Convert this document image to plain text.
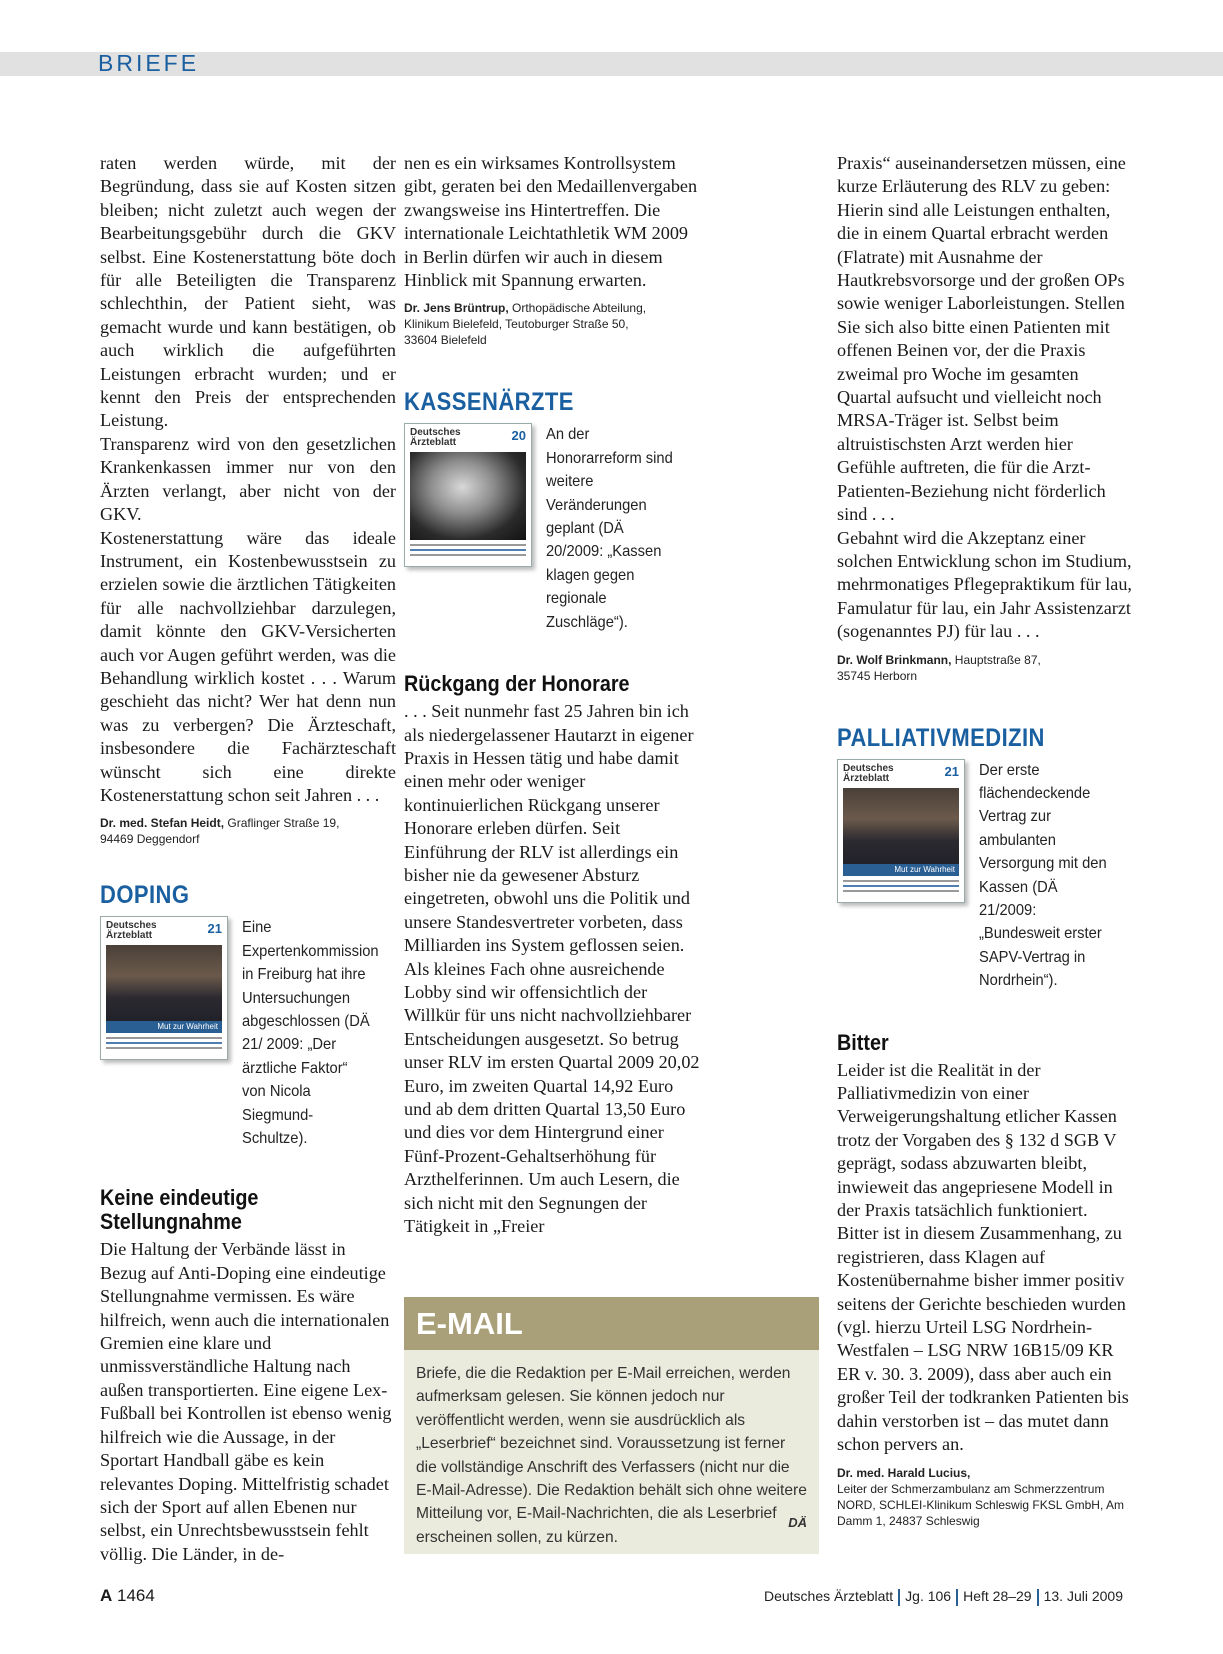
BRIEFE
raten werden würde, mit der Begründung, dass sie auf Kosten sitzen bleiben; nicht zuletzt auch wegen der Bearbeitungsgebühr durch die GKV selbst. Eine Kostenerstattung böte doch für alle Beteiligten die Transparenz schlechthin, der Patient sieht, was gemacht wurde und kann bestätigen, ob auch wirklich die aufgeführten Leistungen erbracht wurden; und er kennt den Preis der entsprechenden Leistung.
Transparenz wird von den gesetzlichen Krankenkassen immer nur von den Ärzten verlangt, aber nicht von der GKV.
Kostenerstattung wäre das ideale Instrument, ein Kostenbewusstsein zu erzielen sowie die ärztlichen Tätigkeiten für alle nachvollziehbar darzulegen, damit könnte den GKV-Versicherten auch vor Augen geführt werden, was die Behandlung wirklich kostet . . . Warum geschieht das nicht? Wer hat denn nun was zu verbergen? Die Ärzteschaft, insbesondere die Fachärzteschaft wünscht sich eine direkte Kostenerstattung schon seit Jahren . . .
Dr. med. Stefan Heidt, Graflinger Straße 19,
94469 Deggendorf
DOPING
Deutsches
Ärzteblatt	21
Mut zur Wahrheit
Eine Expertenkommission in Freiburg hat ihre Untersuchungen abgeschlossen (DÄ 21/ 2009: „Der ärztliche Faktor“ von Nicola Siegmund-Schultze).
Keine eindeutige
Stellungnahme
Die Haltung der Verbände lässt in Bezug auf Anti-Doping eine eindeutige Stellungnahme vermissen. Es wäre hilfreich, wenn auch die internationalen Gremien eine klare und unmissverständliche Haltung nach außen transportierten. Eine eigene Lex-Fußball bei Kontrollen ist ebenso wenig hilfreich wie die Aussage, in der Sportart Handball gäbe es kein relevantes Doping. Mittelfristig schadet sich der Sport auf allen Ebenen nur selbst, ein Unrechtsbewusstsein fehlt völlig. Die Länder, in de-
nen es ein wirksames Kontrollsystem gibt, geraten bei den Medaillenvergaben zwangsweise ins Hintertreffen. Die internationale Leichtathletik WM 2009 in Berlin dürfen wir auch in diesem Hinblick mit Spannung erwarten.
Dr. Jens Brüntrup, Orthopädische Abteilung,
Klinikum Bielefeld, Teutoburger Straße 50,
33604 Bielefeld
KASSENÄRZTE
Deutsches
Ärzteblatt	20 An der Honorarreform sind weitere Veränderungen geplant (DÄ 20/2009: „Kassen klagen gegen regionale Zuschläge“).
Rückgang der Honorare
. . . Seit nunmehr fast 25 Jahren bin ich als niedergelassener Hautarzt in eigener Praxis in Hessen tätig und habe damit einen mehr oder weniger kontinuierlichen Rückgang unserer Honorare erleben dürfen. Seit Einführung der RLV ist allerdings ein bisher nie da gewesener Absturz eingetreten, obwohl uns die Politik und unsere Standesvertreter vorbeten, dass Milliarden ins System geflossen seien.
Als kleines Fach ohne ausreichende Lobby sind wir offensichtlich der Willkür für uns nicht nachvollziehbarer Entscheidungen ausgesetzt. So betrug unser RLV im ersten Quartal 2009 20,02 Euro, im zweiten Quartal 14,92 Euro und ab dem dritten Quartal 13,50 Euro und dies vor dem Hintergrund einer Fünf-Prozent-Gehaltserhöhung für Arzthelferinnen. Um auch Lesern, die sich nicht mit den Segnungen der Tätigkeit in „Freier
Praxis“ auseinandersetzen müssen, eine kurze Erläuterung des RLV zu geben:
Hierin sind alle Leistungen enthalten, die in einem Quartal erbracht werden (Flatrate) mit Ausnahme der Hautkrebsvorsorge und der großen OPs sowie weniger Laborleistungen. Stellen Sie sich also bitte einen Patienten mit offenen Beinen vor, der die Praxis zweimal pro Woche im gesamten Quartal aufsucht und vielleicht noch MRSA-Träger ist. Selbst beim altruistischsten Arzt werden hier Gefühle auftreten, die für die Arzt-Patienten-Beziehung nicht förderlich sind . . .
Gebahnt wird die Akzeptanz einer solchen Entwicklung schon im Studium, mehrmonatiges Pflegepraktikum für lau, Famulatur für lau, ein Jahr Assistenzarzt (sogenanntes PJ) für lau . . .
Dr. Wolf Brinkmann, Hauptstraße 87,
35745 Herborn
PALLIATIVMEDIZIN
Deutsches
Ärzteblatt	21
Mut zur Wahrheit
Der erste flächendeckende Vertrag zur ambulanten Versorgung mit den Kassen (DÄ 21/2009: „Bundesweit erster SAPV-Vertrag in Nordrhein“).
Bitter
Leider ist die Realität in der Palliativmedizin von einer Verweigerungshaltung etlicher Kassen trotz der Vorgaben des § 132 d SGB V geprägt, sodass abzuwarten bleibt, inwieweit das angepriesene Modell in der Praxis tatsächlich funktioniert.
Bitter ist in diesem Zusammenhang, zu registrieren, dass Klagen auf Kostenübernahme bisher immer positiv seitens der Gerichte beschieden wurden (vgl. hierzu Urteil LSG Nordrhein-Westfalen – LSG NRW 16B15/09 KR ER v. 30. 3. 2009), dass aber auch ein großer Teil der todkranken Patienten bis dahin verstorben ist – das mutet dann schon pervers an.
Dr. med. Harald Lucius,
Leiter der Schmerzambulanz am Schmerzzentrum NORD, SCHLEI-Klinikum Schleswig FKSL GmbH, Am Damm 1, 24837 Schleswig
E-MAIL
Briefe, die die Redaktion per E-Mail erreichen, werden aufmerksam gelesen. Sie können jedoch nur veröffentlicht werden, wenn sie ausdrücklich als „Leserbrief“ bezeichnet sind. Voraussetzung ist ferner die vollständige Anschrift des Verfassers (nicht nur die E-Mail-Adresse). Die Redaktion behält sich ohne weitere Mitteilung vor, E-Mail-Nachrichten, die als Leserbrief erscheinen sollen, zu kürzen.
DÄ
A 1464	Deutsches Ärzteblatt Jg. 106 Heft 28–29 13. Juli 2009
